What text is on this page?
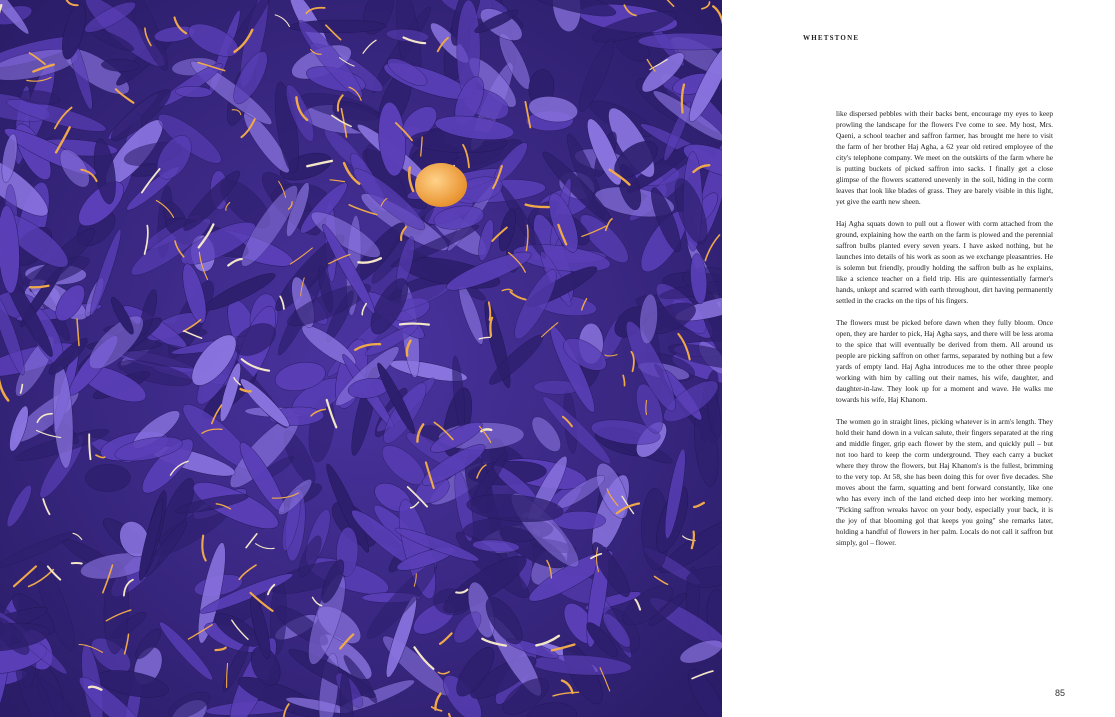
WHETSTONE

like dispersed pebbles with their backs bent, encourage my eyes to keep prowling the landscape for the flowers I've come to see. My host, Mrs. Qaeni, a school teacher and saffron farmer, has brought me here to visit the farm of her brother Haj Agha, a 62 year old retired employee of the city's telephone company. We meet on the outskirts of the farm where he is putting buckets of picked saffron into sacks. I finally get a close glimpse of the flowers scattered unevenly in the soil, hiding in the corm leaves that look like blades of grass. They are barely visible in this light, yet give the earth new sheen.

Haj Agha squats down to pull out a flower with corm attached from the ground, explaining how the earth on the farm is plowed and the perennial saffron bulbs planted every seven years. I have asked nothing, but he launches into details of his work as soon as we exchange pleasantries. He is solemn but friendly, proudly holding the saffron bulb as he explains, like a science teacher on a field trip. His are quintessentially farmer's hands, unkept and scarred with earth throughout, dirt having permanently settled in the cracks on the tips of his fingers.

The flowers must be picked before dawn when they fully bloom. Once open, they are harder to pick, Haj Agha says, and there will be less aroma to the spice that will eventually be derived from them. All around us people are picking saffron on other farms, separated by nothing but a few yards of empty land. Haj Agha introduces me to the other three people working with him by calling out their names, his wife, daughter, and daughter-in-law. They look up for a moment and wave. He walks me towards his wife, Haj Khanom.

The women go in straight lines, picking whatever is in arm's length. They hold their hand down in a vulcan salute, their fingers separated at the ring and middle finger, grip each flower by the stem, and quickly pull – but not too hard to keep the corm underground. They each carry a bucket where they throw the flowers, but Haj Khanom's is the fullest, brimming to the very top. At 58, she has been doing this for over five decades. She moves about the farm, squatting and bent forward constantly, like one who has every inch of the land etched deep into her working memory. "Picking saffron wreaks havoc on your body, especially your back, it is the joy of that blooming gol that keeps you going" she remarks later, holding a handful of flowers in her palm. Locals do not call it saffron but simply, gol – flower.

85
